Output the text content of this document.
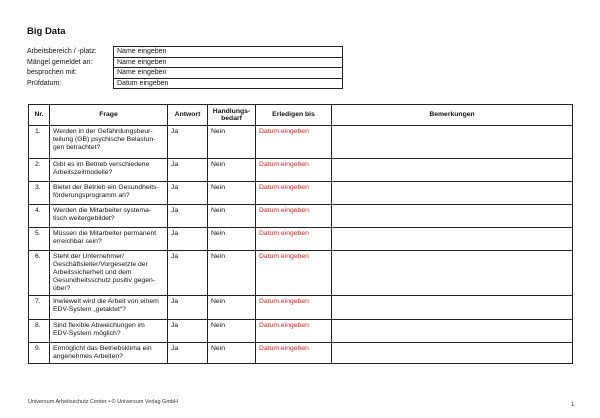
Big Data
Arbeitsbereich / -platz:	Name eingeben
Mängel gemeldet an:	Name eingeben
besprochen mit:	Name eingeben
Prüfdatum:	Datum eingeben
Nr.	Frage	Antwort	Handlungs-
bedarf	Erledigen bis	Bemerkungen
1.	Werden in der Gefährdungsbeur-
teilung (GB) psychische Belastun-
gen betrachtet?	Ja	Nein	Datum eingeben	
2.	Gibt es im Betrieb verschiedene
Arbeitszeitmodelle?	Ja	Nein	Datum eingeben	
3.	Bietet der Betrieb ein Gesundheits-
förderungsprogramm an?	Ja	Nein	Datum eingeben	
4.	Werden die Mitarbeiter systema-
tisch weitergebildet?	Ja	Nein	Datum eingeben	
5.	Müssen die Mitarbeiter permanent
erreichbar sein?	Ja	Nein	Datum eingeben	
6.	Steht der Unternehmer/
Geschäftsleiter/Vorgesetzte der
Arbeitssicherheit und dem
Gesundheitsschutz positiv gegen-
über?	Ja	Nein	Datum eingeben	
7.	Inwieweit wird die Arbeit von einem
EDV-System „getaktet“?	Ja	Nein	Datum eingeben	
8.	Sind flexible Abweichungen im
EDV-System möglich?	Ja	Nein	Datum eingeben	
9.	Ermöglicht das Betriebsklima ein
angenehmes Arbeiten?	Ja	Nein	Datum eingeben	
Universum Arbeitsschutz Center • © Universum Verlag GmbH	1
